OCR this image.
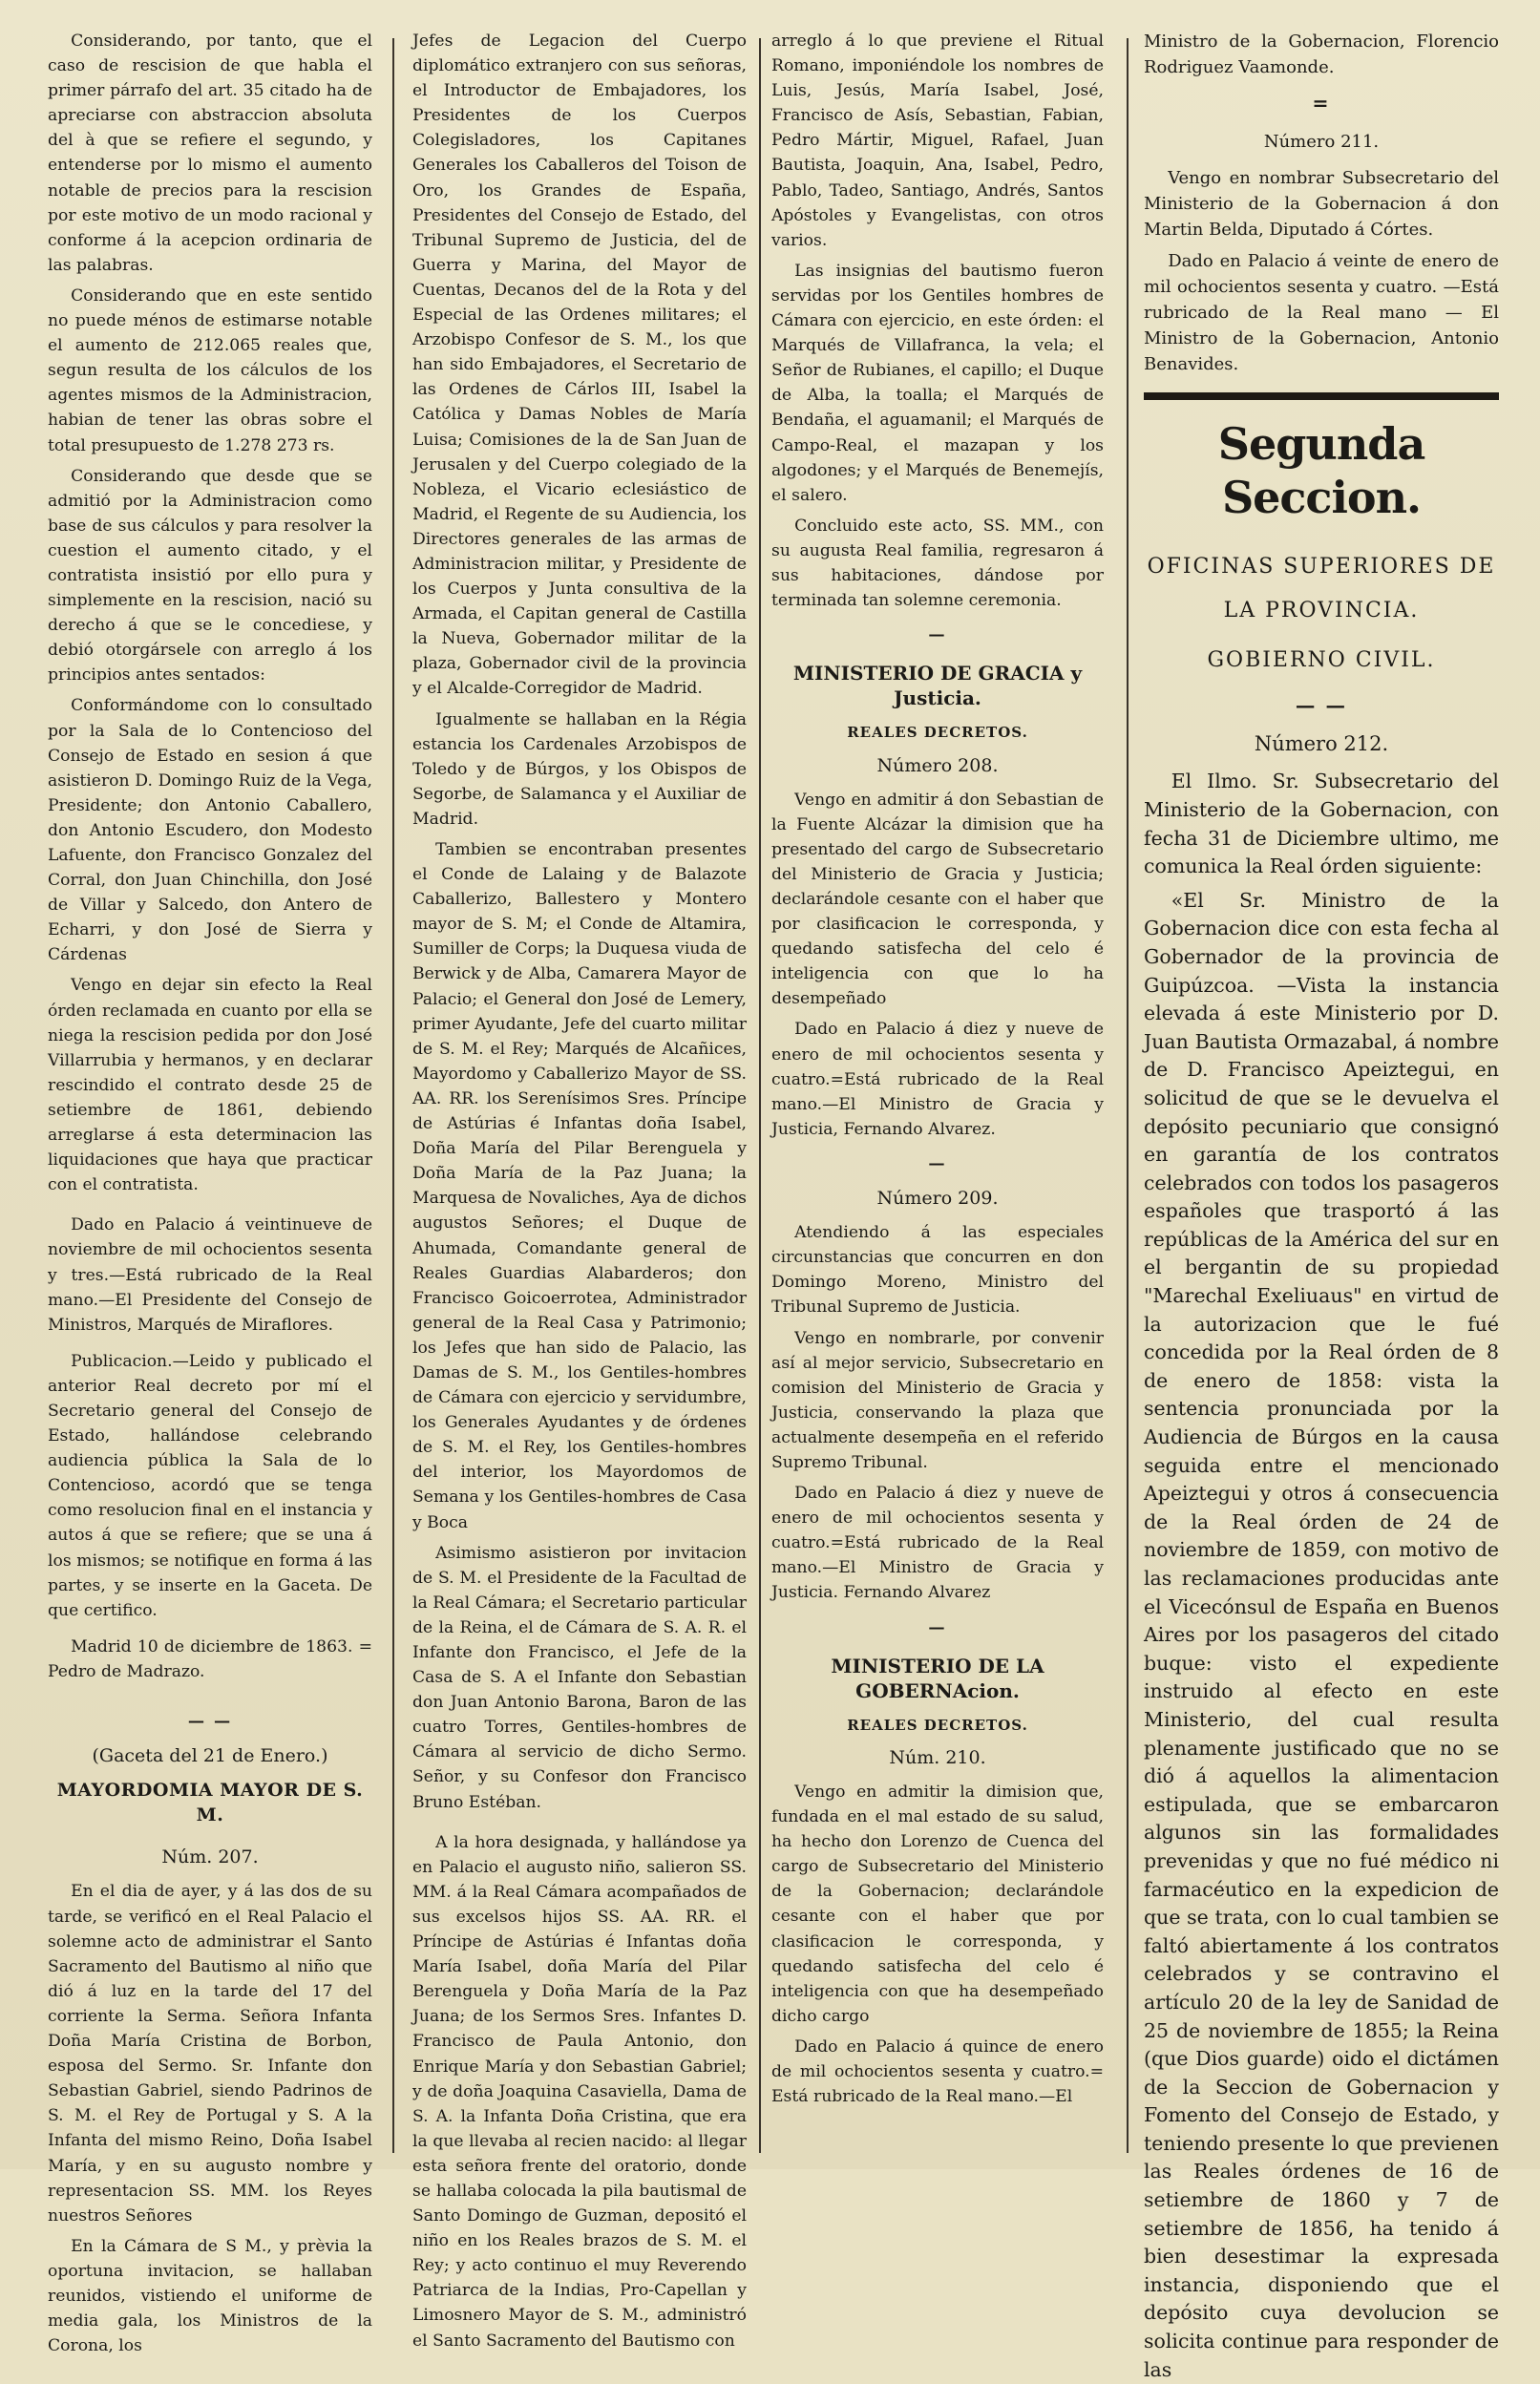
Considerando, por tanto, que el caso de rescision de que habla el primer párrafo del art. 35 citado ha de apreciarse con abstraccion absoluta del à que se refiere el segundo, y entenderse por lo mismo el aumento notable de precios para la rescision por este motivo de un modo racional y conforme á la acepcion ordinaria de las palabras.

Considerando que en este sentido no puede ménos de estimarse notable el aumento de 212.065 reales que, segun resulta de los cálculos de los agentes mismos de la Administracion, habian de tener las obras sobre el total presupuesto de 1.278 273 rs.

Considerando que desde que se admitió por la Administracion como base de sus cálculos y para resolver la cuestion el aumento citado, y el contratista insistió por ello pura y simplemente en la rescision, nació su derecho á que se le concediese, y debió otorgársele con arreglo á los principios antes sentados:

Conformándome con lo consultado por la Sala de lo Contencioso del Consejo de Estado en sesion á que asistieron D. Domingo Ruiz de la Vega, Presidente; don Antonio Caballero, don Antonio Escudero, don Modesto Lafuente, don Francisco Gonzalez del Corral, don Juan Chinchilla, don José de Villar y Salcedo, don Antero de Echarri, y don José de Sierra y Cárdenas

Vengo en dejar sin efecto la Real órden reclamada en cuanto por ella se niega la rescision pedida por don José Villarrubia y hermanos, y en declarar rescindido el contrato desde 25 de setiembre de 1861, debiendo arreglarse á esta determinacion las liquidaciones que haya que practicar con el contratista.

Dado en Palacio á veintinueve de noviembre de mil ochocientos sesenta y tres.—Está rubricado de la Real mano.—El Presidente del Consejo de Ministros, Marqués de Miraflores.

Publicacion.—Leido y publicado el anterior Real decreto por mí el Secretario general del Consejo de Estado, hallándose celebrando audiencia pública la Sala de lo Contencioso, acordó que se tenga como resolucion final en el instancia y autos á que se refiere; que se una á los mismos; se notifique en forma á las partes, y se inserte en la Gaceta. De que certifico.

Madrid 10 de diciembre de 1863. = Pedro de Madrazo.

— —
(Gaceta del 21 de Enero.)
MAYORDOMIA MAYOR DE S. M.
Núm. 207.

En el dia de ayer, y á las dos de su tarde, se verificó en el Real Palacio el solemne acto de administrar el Santo Sacramento del Bautismo al niño que dió á luz en la tarde del 17 del corriente la Serma. Señora Infanta Doña María Cristina de Borbon, esposa del Sermo. Sr. Infante don Sebastian Gabriel, siendo Padrinos de S. M. el Rey de Portugal y S. A la Infanta del mismo Reino, Doña Isabel María, y en su augusto nombre y representacion SS. MM. los Reyes nuestros Señores

En la Cámara de S M., y prèvia la oportuna invitacion, se hallaban reunidos, vistiendo el uniforme de media gala, los Ministros de la Corona, los

Jefes de Legacion del Cuerpo diplomático extranjero con sus señoras, el Introductor de Embajadores, los Presidentes de los Cuerpos Colegisladores, los Capitanes Generales los Caballeros del Toison de Oro, los Grandes de España, Presidentes del Consejo de Estado, del Tribunal Supremo de Justicia, del de Guerra y Marina, del Mayor de Cuentas, Decanos del de la Rota y del Especial de las Ordenes militares; el Arzobispo Confesor de S. M., los que han sido Embajadores, el Secretario de las Ordenes de Cárlos III, Isabel la Católica y Damas Nobles de María Luisa; Comisiones de la de San Juan de Jerusalen y del Cuerpo colegiado de la Nobleza, el Vicario eclesiástico de Madrid, el Regente de su Audiencia, los Directores generales de las armas de Administracion militar, y Presidente de los Cuerpos y Junta consultiva de la Armada, el Capitan general de Castilla la Nueva, Gobernador militar de la plaza, Gobernador civil de la provincia y el Alcalde-Corregidor de Madrid.

Igualmente se hallaban en la Régia estancia los Cardenales Arzobispos de Toledo y de Búrgos, y los Obispos de Segorbe, de Salamanca y el Auxiliar de Madrid.

Tambien se encontraban presentes el Conde de Lalaing y de Balazote Caballerizo, Ballestero y Montero mayor de S. M; el Conde de Altamira, Sumiller de Corps; la Duquesa viuda de Berwick y de Alba, Camarera Mayor de Palacio; el General don José de Lemery, primer Ayudante, Jefe del cuarto militar de S. M. el Rey; Marqués de Alcañices, Mayordomo y Caballerizo Mayor de SS. AA. RR. los Serenísimos Sres. Príncipe de Astúrias é Infantas doña Isabel, Doña María del Pilar Berenguela y Doña María de la Paz Juana; la Marquesa de Novaliches, Aya de dichos augustos Señores; el Duque de Ahumada, Comandante general de Reales Guardias Alabarderos; don Francisco Goicoerrotea, Administrador general de la Real Casa y Patrimonio; los Jefes que han sido de Palacio, las Damas de S. M., los Gentiles-hombres de Cámara con ejercicio y servidumbre, los Generales Ayudantes y de órdenes de S. M. el Rey, los Gentiles-hombres del interior, los Mayordomos de Semana y los Gentiles-hombres de Casa y Boca

Asimismo asistieron por invitacion de S. M. el Presidente de la Facultad de la Real Cámara; el Secretario particular de la Reina, el de Cámara de S. A. R. el Infante don Francisco, el Jefe de la Casa de S. A el Infante don Sebastian don Juan Antonio Barona, Baron de las cuatro Torres, Gentiles-hombres de Cámara al servicio de dicho Sermo. Señor, y su Confesor don Francisco Bruno Estéban.

A la hora designada, y hallándose ya en Palacio el augusto niño, salieron SS. MM. á la Real Cámara acompañados de sus excelsos hijos SS. AA. RR. el Príncipe de Astúrias é Infantas doña María Isabel, doña María del Pilar Berenguela y Doña María de la Paz Juana; de los Sermos Sres. Infantes D. Francisco de Paula Antonio, don Enrique María y don Sebastian Gabriel; y de doña Joaquina Casaviella, Dama de S. A. la Infanta Doña Cristina, que era la que llevaba al recien nacido: al llegar esta señora frente del oratorio, donde se hallaba colocada la pila bautismal de Santo Domingo de Guzman, depositó el niño en los Reales brazos de S. M. el Rey; y acto continuo el muy Reverendo Patriarca de la Indias, Pro-Capellan y Limosnero Mayor de S. M., administró el Santo Sacramento del Bautismo con

arreglo á lo que previene el Ritual Romano, imponiéndole los nombres de Luis, Jesús, María Isabel, José, Francisco de Asís, Sebastian, Fabian, Pedro Mártir, Miguel, Rafael, Juan Bautista, Joaquin, Ana, Isabel, Pedro, Pablo, Tadeo, Santiago, Andrés, Santos Apóstoles y Evangelistas, con otros varios.

Las insignias del bautismo fueron servidas por los Gentiles hombres de Cámara con ejercicio, en este órden: el Marqués de Villafranca, la vela; el Señor de Rubianes, el capillo; el Duque de Alba, la toalla; el Marqués de Bendaña, el aguamanil; el Marqués de Campo-Real, el mazapan y los algodones; y el Marqués de Benemejís, el salero.

Concluido este acto, SS. MM., con su augusta Real familia, regresaron á sus habitaciones, dándose por terminada tan solemne ceremonia.

—
MINISTERIO DE GRACIA y Justicia.
REALES DECRETOS.
Número 208.

Vengo en admitir á don Sebastian de la Fuente Alcázar la dimision que ha presentado del cargo de Subsecretario del Ministerio de Gracia y Justicia; declarándole cesante con el haber que por clasificacion le corresponda, y quedando satisfecha del celo é inteligencia con que lo ha desempeñado

Dado en Palacio á diez y nueve de enero de mil ochocientos sesenta y cuatro.=Está rubricado de la Real mano.—El Ministro de Gracia y Justicia, Fernando Alvarez.

—
Número 209.

Atendiendo á las especiales circunstancias que concurren en don Domingo Moreno, Ministro del Tribunal Supremo de Justicia.

Vengo en nombrarle, por convenir así al mejor servicio, Subsecretario en comision del Ministerio de Gracia y Justicia, conservando la plaza que actualmente desempeña en el referido Supremo Tribunal.

Dado en Palacio á diez y nueve de enero de mil ochocientos sesenta y cuatro.=Está rubricado de la Real mano.—El Ministro de Gracia y Justicia. Fernando Alvarez

—
MINISTERIO DE LA GOBERNAcion.
REALES DECRETOS.
Núm. 210.

Vengo en admitir la dimision que, fundada en el mal estado de su salud, ha hecho don Lorenzo de Cuenca del cargo de Subsecretario del Ministerio de la Gobernacion; declarándole cesante con el haber que por clasificacion le corresponda, y quedando satisfecha del celo é inteligencia con que ha desempeñado dicho cargo

Dado en Palacio á quince de enero de mil ochocientos sesenta y cuatro.= Está rubricado de la Real mano.—El

Ministro de la Gobernacion, Florencio Rodriguez Vaamonde.

=
Número 211.

Vengo en nombrar Subsecretario del Ministerio de la Gobernacion á don Martin Belda, Diputado á Córtes.

Dado en Palacio á veinte de enero de mil ochocientos sesenta y cuatro. —Está rubricado de la Real mano — El Ministro de la Gobernacion, Antonio Benavides.

Segunda Seccion.
OFICINAS SUPERIORES DE LA PROVINCIA.
GOBIERNO CIVIL.
— —
Número 212.

El Ilmo. Sr. Subsecretario del Ministerio de la Gobernacion, con fecha 31 de Diciembre ultimo, me comunica la Real órden siguiente:

«El Sr. Ministro de la Gobernacion dice con esta fecha al Gobernador de la provincia de Guipúzcoa. —Vista la instancia elevada á este Ministerio por D. Juan Bautista Ormazabal, á nombre de D. Francisco Apeiztegui, en solicitud de que se le devuelva el depósito pecuniario que consignó en garantía de los contratos celebrados con todos los pasageros españoles que trasportó á las repúblicas de la América del sur en el bergantin de su propiedad "Marechal Exeliuaus" en virtud de la autorizacion que le fué concedida por la Real órden de 8 de enero de 1858: vista la sentencia pronunciada por la Audiencia de Búrgos en la causa seguida entre el mencionado Apeiztegui y otros á consecuencia de la Real órden de 24 de noviembre de 1859, con motivo de las reclamaciones producidas ante el Vicecónsul de España en Buenos Aires por los pasageros del citado buque: visto el expediente instruido al efecto en este Ministerio, del cual resulta plenamente justificado que no se dió á aquellos la alimentacion estipulada, que se embarcaron algunos sin las formalidades prevenidas y que no fué médico ni farmacéutico en la expedicion de que se trata, con lo cual tambien se faltó abiertamente á los contratos celebrados y se contravino el artículo 20 de la ley de Sanidad de 25 de noviembre de 1855; la Reina (que Dios guarde) oido el dictámen de la Seccion de Gobernacion y Fomento del Consejo de Estado, y teniendo presente lo que previenen las Reales órdenes de 16 de setiembre de 1860 y 7 de setiembre de 1856, ha tenido á bien desestimar la expresada instancia, disponiendo que el depósito cuya devolucion se solicita continue para responder de las
